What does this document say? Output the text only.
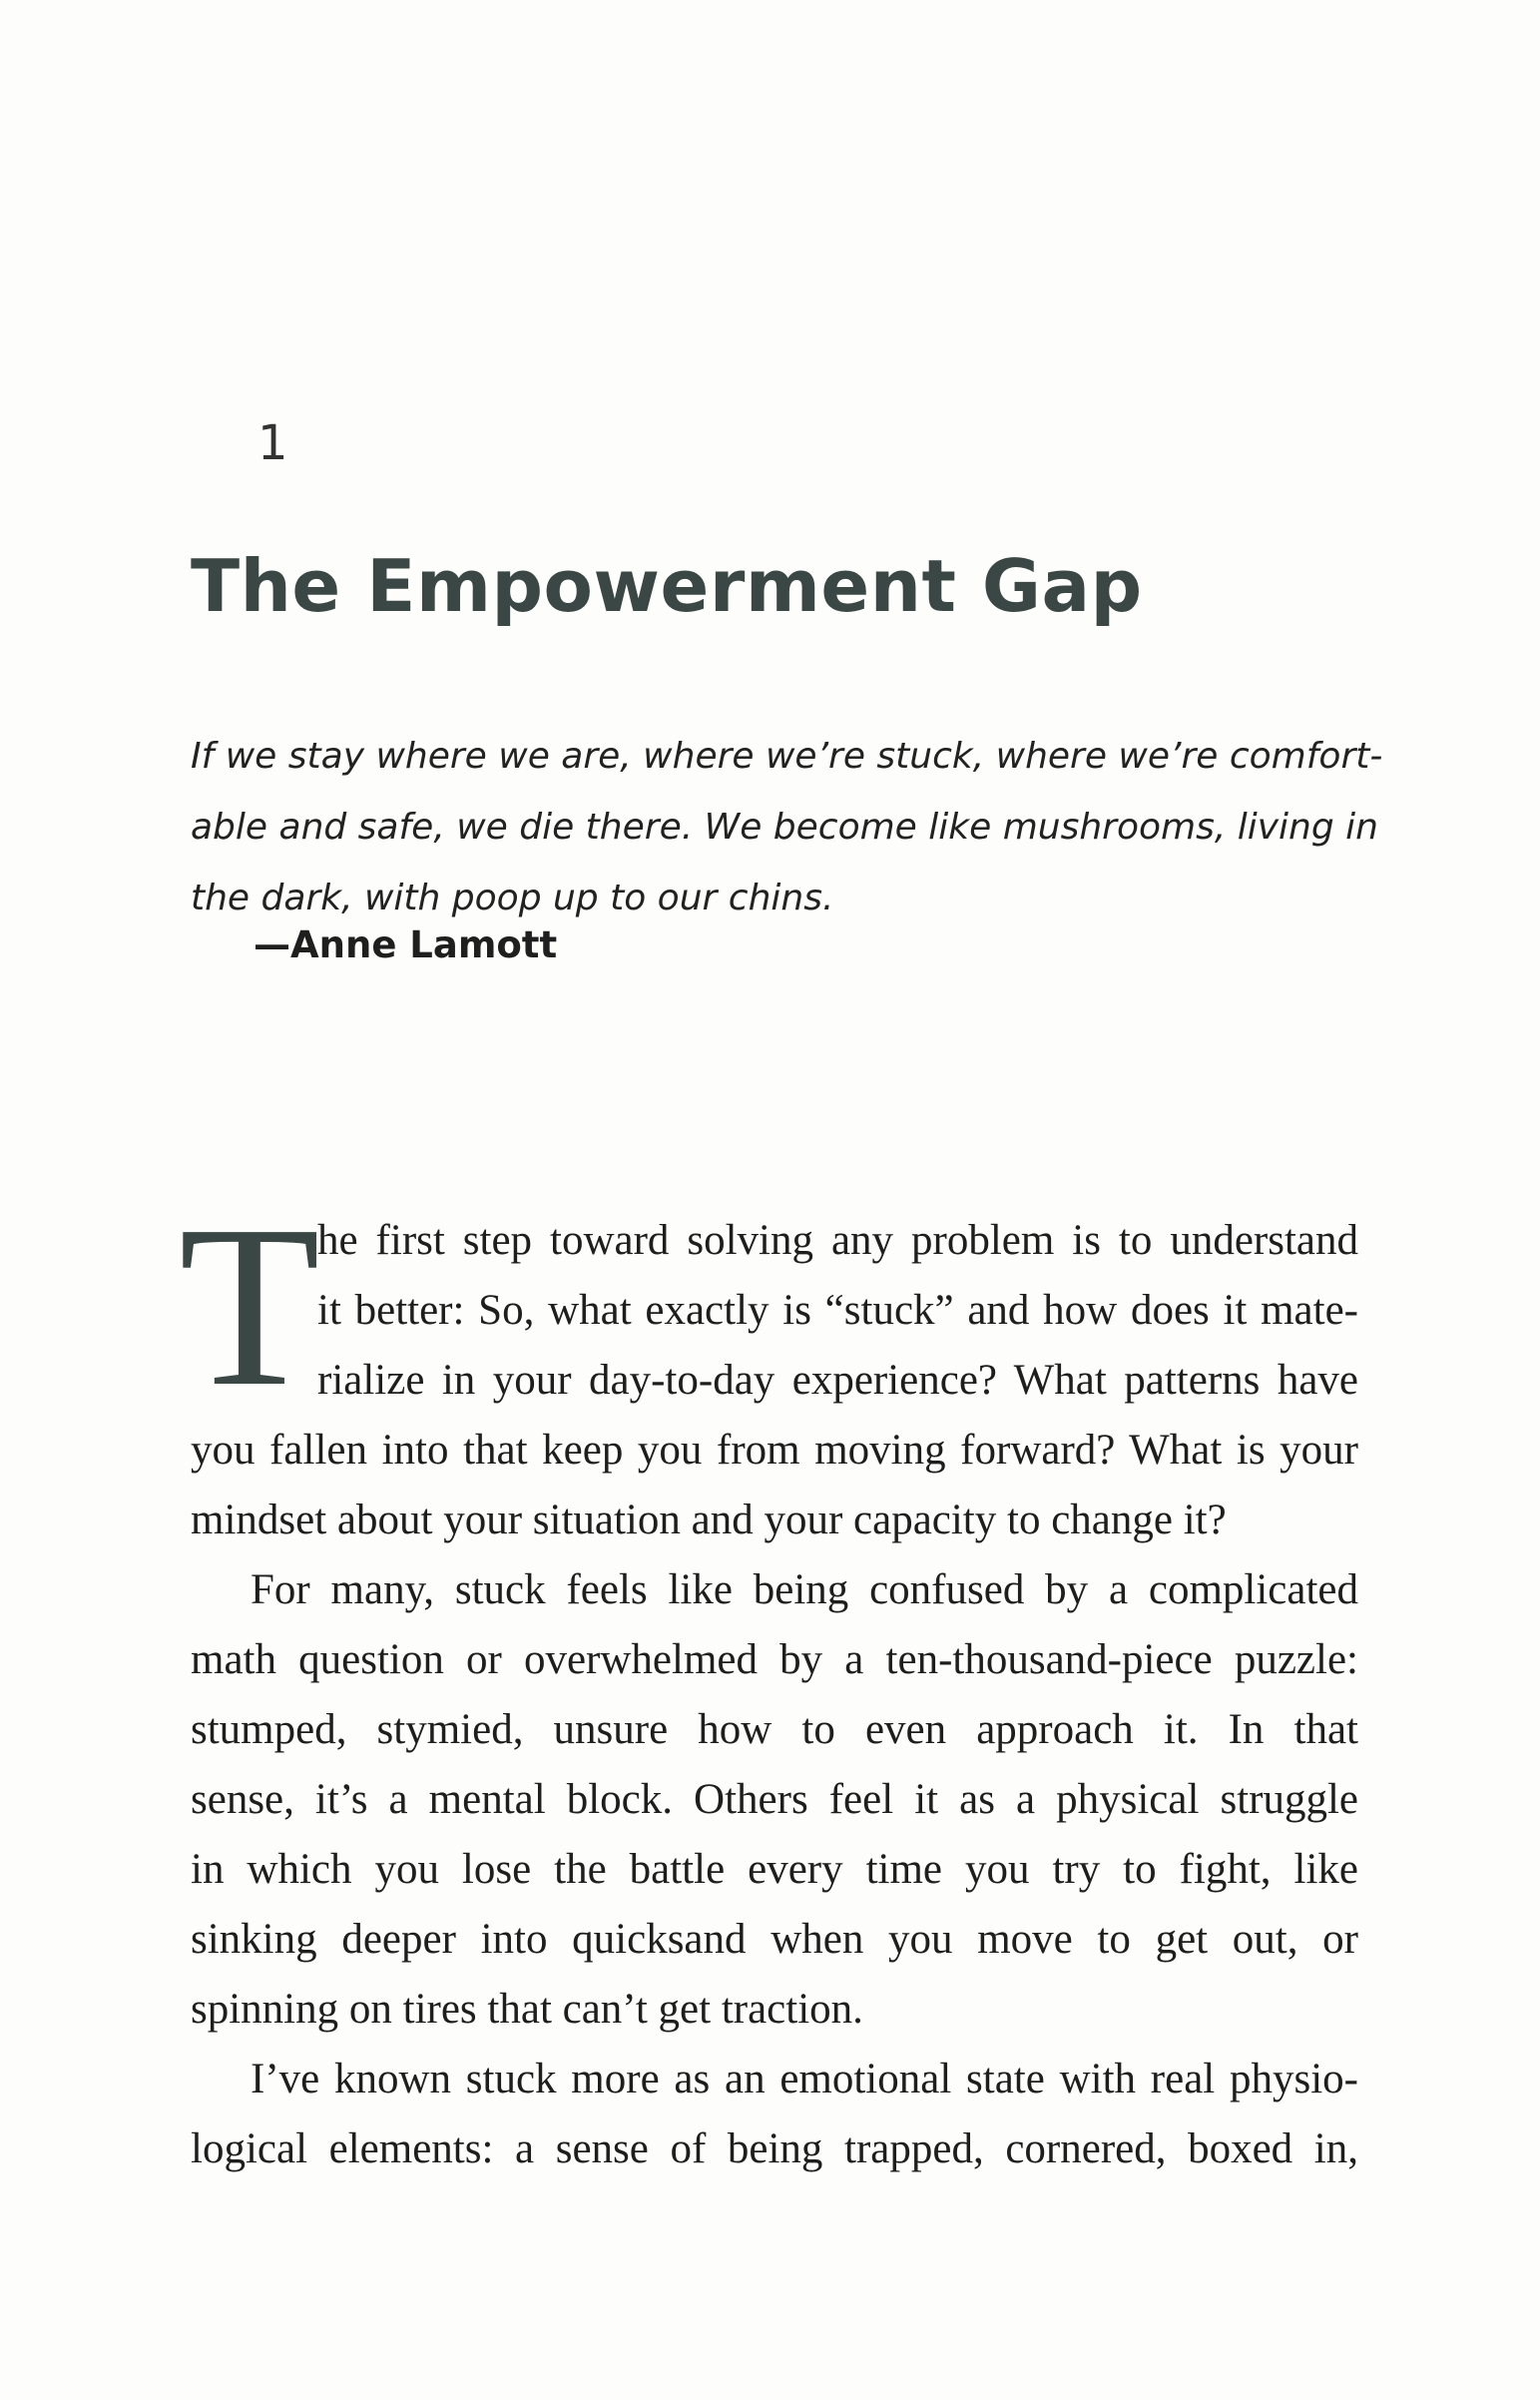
1
The Empowerment Gap
If we stay where we are, where we’re stuck, where we’re comfort-
able and safe, we die there. We become like mushrooms, living in
the dark, with poop up to our chins.
—Anne Lamott
T
he first step toward solving any problem is to understand
it better: So, what exactly is “stuck” and how does it mate-
rialize in your day-to-day experience? What patterns have
you fallen into that keep you from moving forward? What is your
mindset about your situation and your capacity to change it?
For many, stuck feels like being confused by a complicated
math question or overwhelmed by a ten-thousand-piece puzzle:
stumped, stymied, unsure how to even approach it. In that
sense, it’s a mental block. Others feel it as a physical struggle
in which you lose the battle every time you try to fight, like
sinking deeper into quicksand when you move to get out, or
spinning on tires that can’t get traction.
I’ve known stuck more as an emotional state with real physio-
logical elements: a sense of being trapped, cornered, boxed in,
